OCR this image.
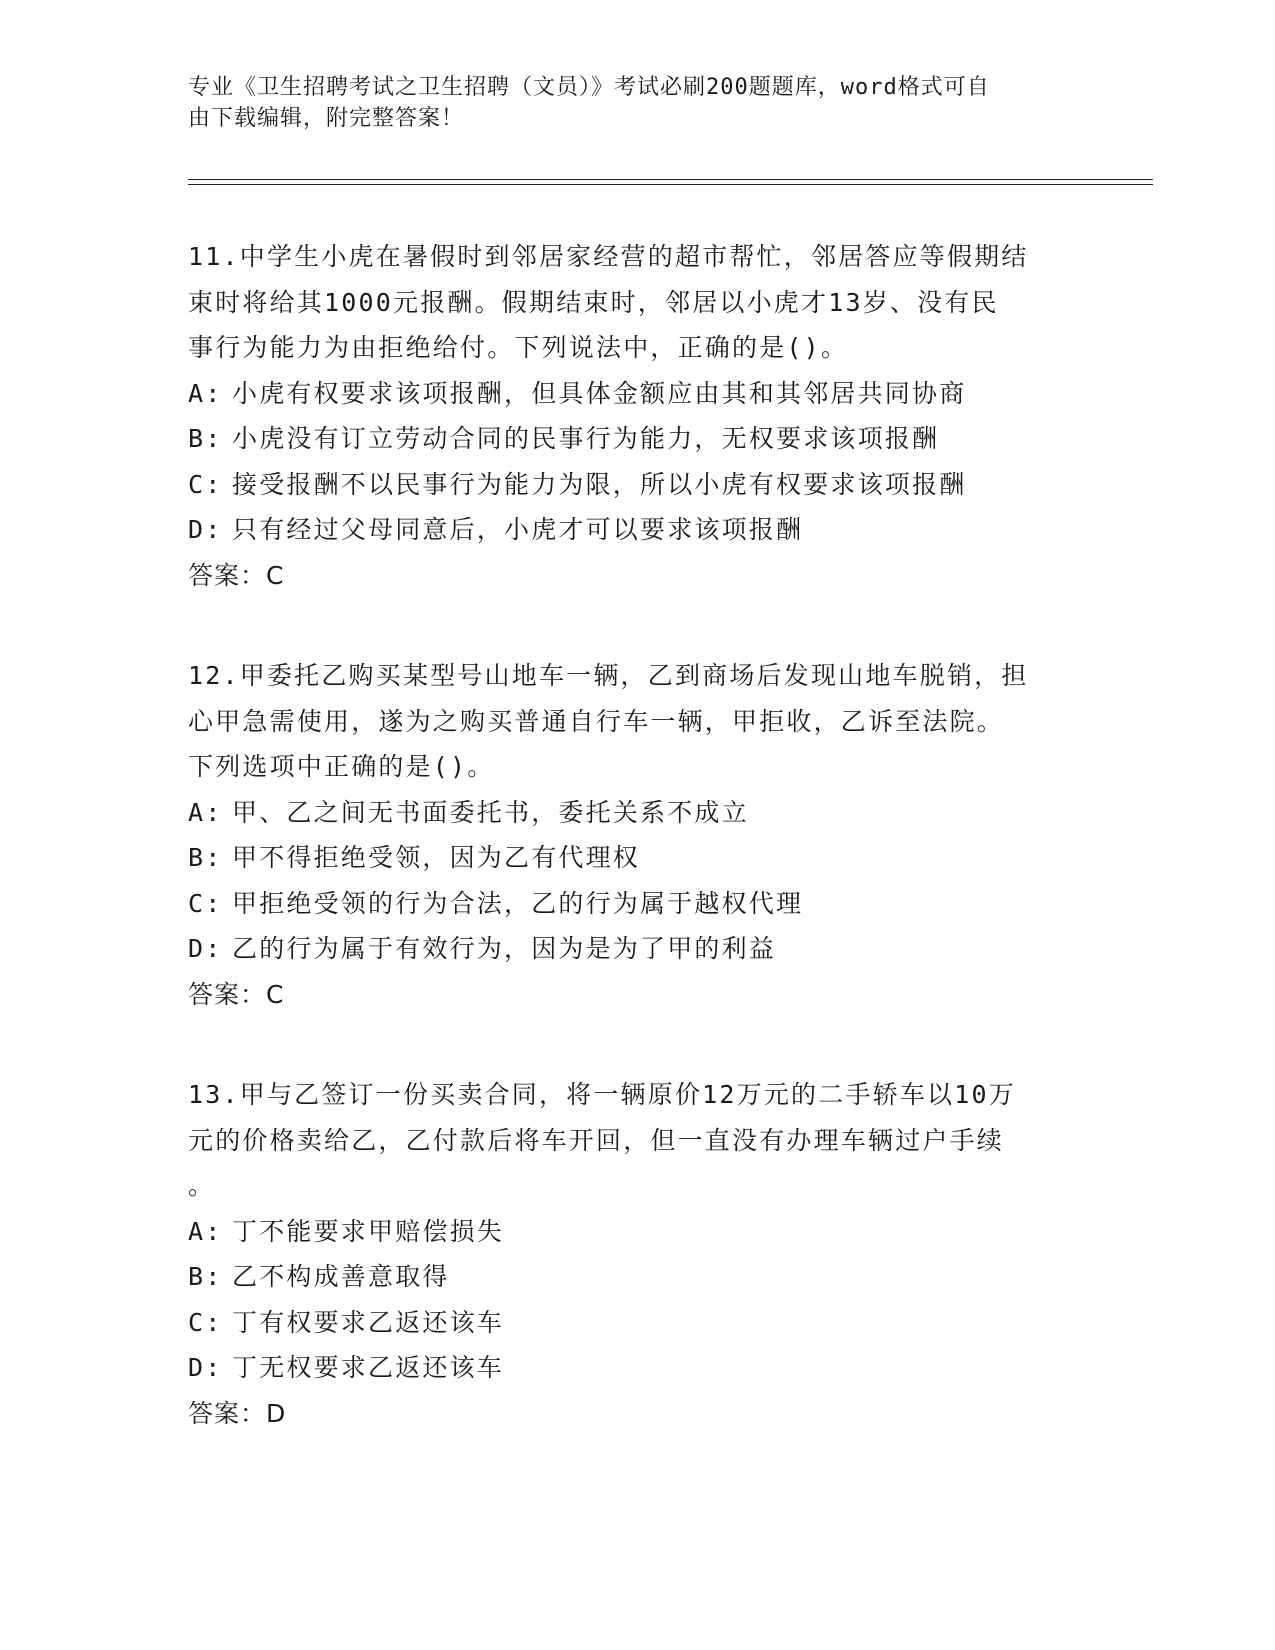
专业《卫生招聘考试之卫生招聘（文员）》考试必刷200题题库，word格式可自

由下载编辑，附完整答案！

11.中学生小虎在暑假时到邻居家经营的超市帮忙，邻居答应等假期结

束时将给其1000元报酬。假期结束时，邻居以小虎才13岁、没有民

事行为能力为由拒绝给付。下列说法中，正确的是()。

A: 小虎有权要求该项报酬，但具体金额应由其和其邻居共同协商

B: 小虎没有订立劳动合同的民事行为能力，无权要求该项报酬

C: 接受报酬不以民事行为能力为限，所以小虎有权要求该项报酬

D: 只有经过父母同意后，小虎才可以要求该项报酬

答案：C

12.甲委托乙购买某型号山地车一辆，乙到商场后发现山地车脱销，担

心甲急需使用，遂为之购买普通自行车一辆，甲拒收，乙诉至法院。

下列选项中正确的是()。

A: 甲、乙之间无书面委托书，委托关系不成立

B: 甲不得拒绝受领，因为乙有代理权

C: 甲拒绝受领的行为合法，乙的行为属于越权代理

D: 乙的行为属于有效行为，因为是为了甲的利益

答案：C

13.甲与乙签订一份买卖合同，将一辆原价12万元的二手轿车以10万

元的价格卖给乙，乙付款后将车开回，但一直没有办理车辆过户手续

。

A: 丁不能要求甲赔偿损失

B: 乙不构成善意取得

C: 丁有权要求乙返还该车

D: 丁无权要求乙返还该车

答案：D
